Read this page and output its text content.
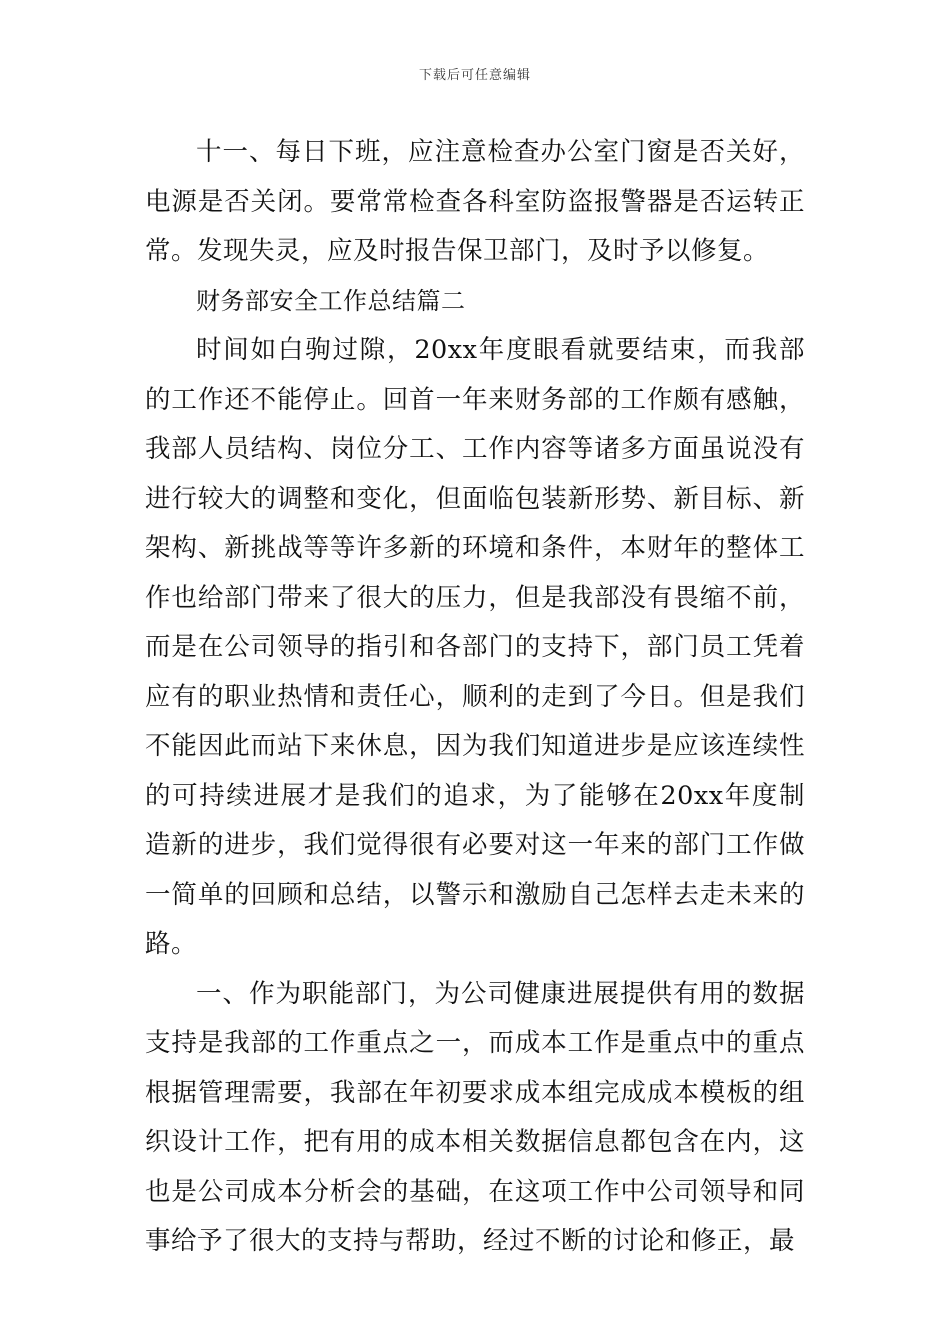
下载后可任意编辑

十一、每日下班，应注意检查办公室门窗是否关好，电源是否关闭。要常常检查各科室防盗报警器是否运转正常。发现失灵，应及时报告保卫部门，及时予以修复。

财务部安全工作总结篇二

时间如白驹过隙，20xx年度眼看就要结束，而我部的工作还不能停止。回首一年来财务部的工作颇有感触，我部人员结构、岗位分工、工作内容等诸多方面虽说没有进行较大的调整和变化，但面临包装新形势、新目标、新架构、新挑战等等许多新的环境和条件，本财年的整体工作也给部门带来了很大的压力，但是我部没有畏缩不前，而是在公司领导的指引和各部门的支持下，部门员工凭着应有的职业热情和责任心，顺利的走到了今日。但是我们不能因此而站下来休息，因为我们知道进步是应该连续性的可持续进展才是我们的追求，为了能够在20xx年度制造新的进步，我们觉得很有必要对这一年来的部门工作做一简单的回顾和总结，以警示和激励自己怎样去走未来的路。

一、作为职能部门，为公司健康进展提供有用的数据支持是我部的工作重点之一，而成本工作是重点中的重点根据管理需要，我部在年初要求成本组完成成本模板的组织设计工作，把有用的成本相关数据信息都包含在内，这也是公司成本分析会的基础，在这项工作中公司领导和同事给予了很大的支持与帮助，经过不断的讨论和修正，最
